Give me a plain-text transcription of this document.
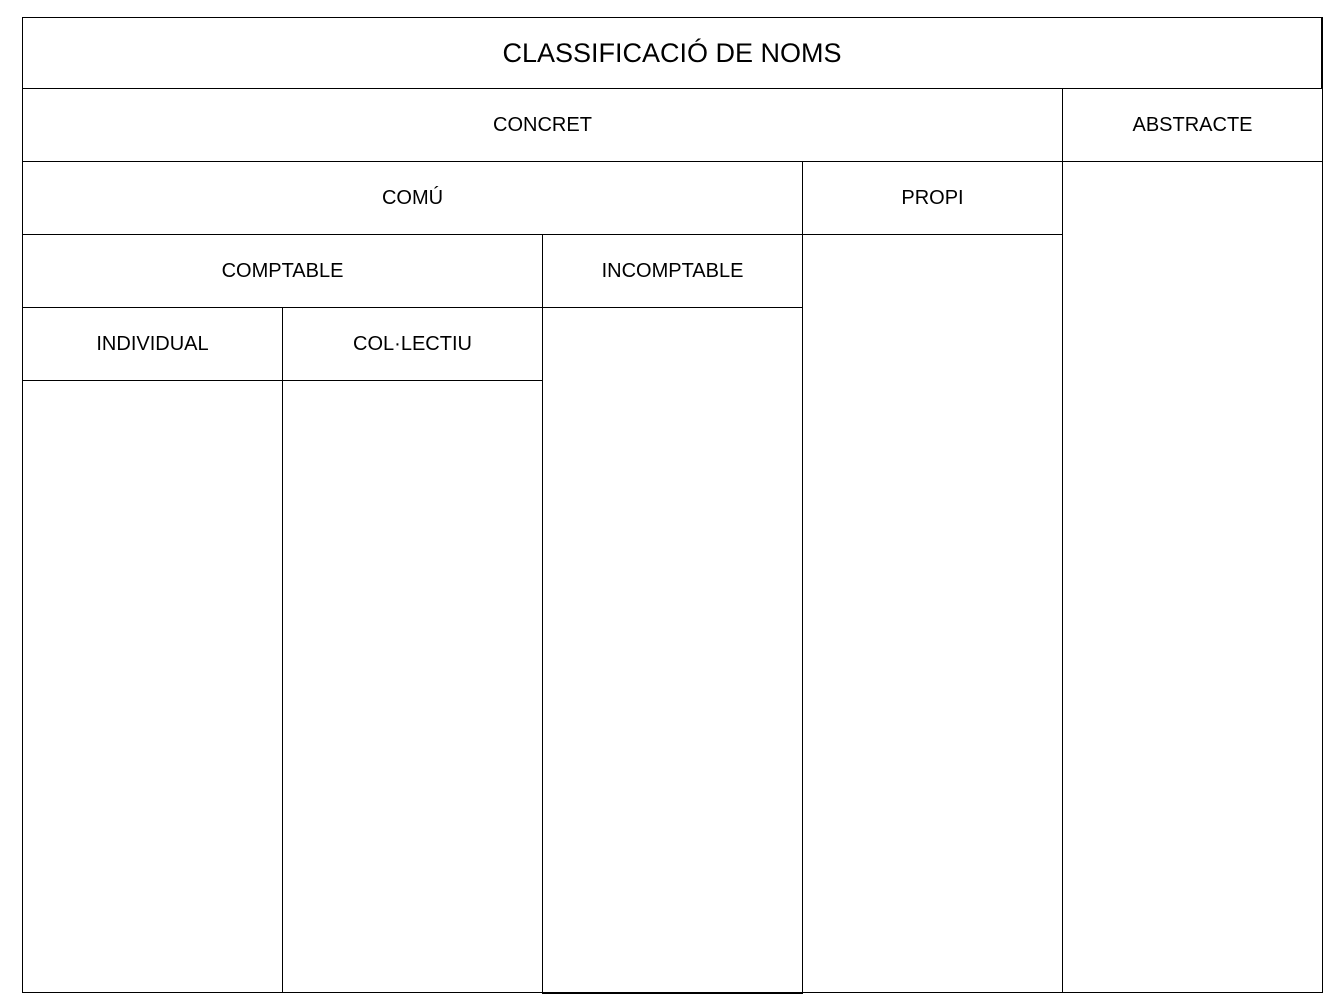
CLASSIFICACIÓ DE NOMS
CONCRET	ABSTRACTE
COMÚ	PROPI
COMPTABLE	INCOMPTABLE
INDIVIDUAL	COL·LECTIU
